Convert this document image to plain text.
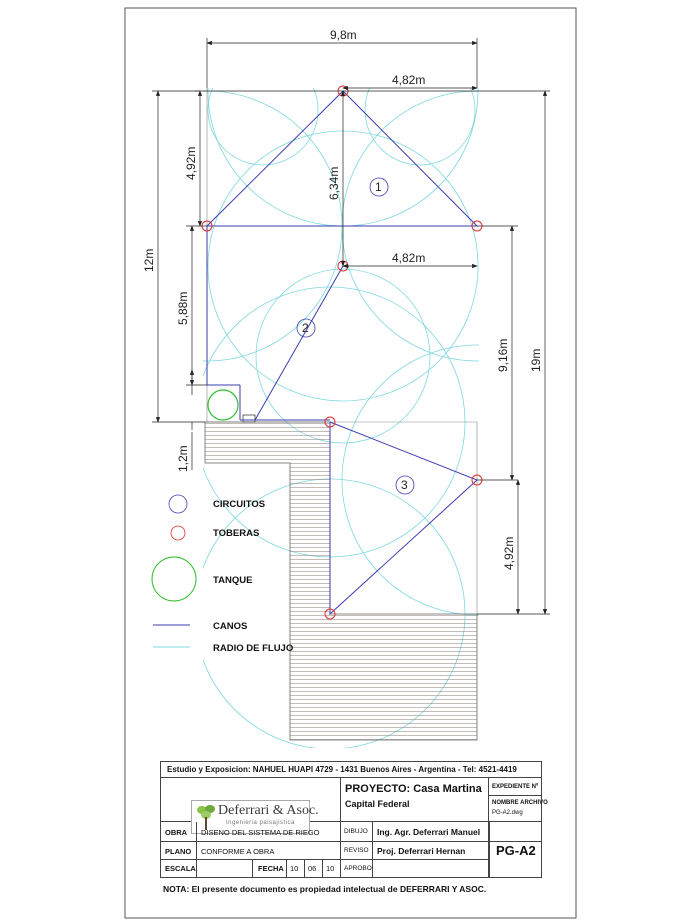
1
2
3
9,8m
4,82m
4,82m
6,34m
4,92m
12m
5,88m
1,2m
9,16m 19m
4,92m
CIRCUITOS
TOBERAS
TANQUE
CANOS
RADIO DE FLUJO
Estudio y Exposicion: NAHUEL HUAPI 4729 - 1431 Buenos Aires - Argentina - Tel: 4521-4419
Deferrari & Asoc.
Ingenieria paisajistica
PROYECTO: Casa Martina
Capital Federal
EXPEDIENTE Nº
NOMBRE ARCHIVO
PG-A2.dwg
OBRA	DISENO DEL SISTEMA DE RIEGO	DIBUJO	Ing. Agr. Deferrari Manuel
PLANO	CONFORME A OBRA	REVISO Proj. Deferrari Hernan	PG-A2
ESCALA	FECHA 10	06	10	APROBO
NOTA: El presente documento es propiedad intelectual de DEFERRARI Y ASOC.
